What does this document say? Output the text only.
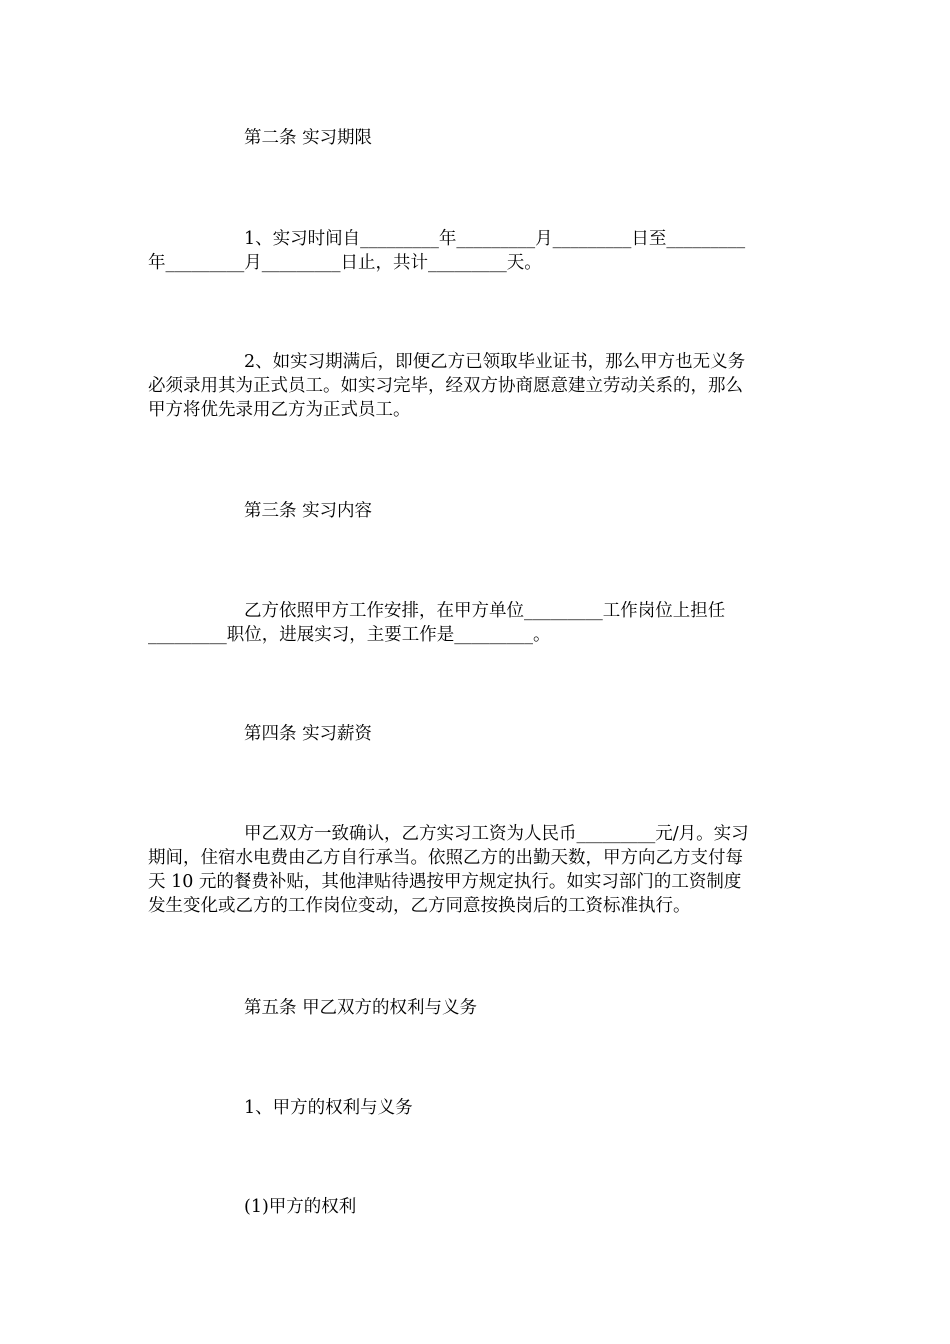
第二条 实习期限

1、实习时间自_________年_________月_________日至_________
年_________月_________日止，共计_________天。

2、如实习期满后，即便乙方已领取毕业证书，那么甲方也无义务
必须录用其为正式员工。如实习完毕，经双方协商愿意建立劳动关系的，那么
甲方将优先录用乙方为正式员工。

第三条 实习内容

乙方依照甲方工作安排，在甲方单位_________工作岗位上担任
_________职位，进展实习，主要工作是_________。

第四条 实习薪资

甲乙双方一致确认，乙方实习工资为人民币_________元/月。实习
期间，住宿水电费由乙方自行承当。依照乙方的出勤天数，甲方向乙方支付每
天 10 元的餐费补贴，其他津贴待遇按甲方规定执行。如实习部门的工资制度
发生变化或乙方的工作岗位变动，乙方同意按换岗后的工资标准执行。

第五条 甲乙双方的权利与义务

1、甲方的权利与义务

(1)甲方的权利
